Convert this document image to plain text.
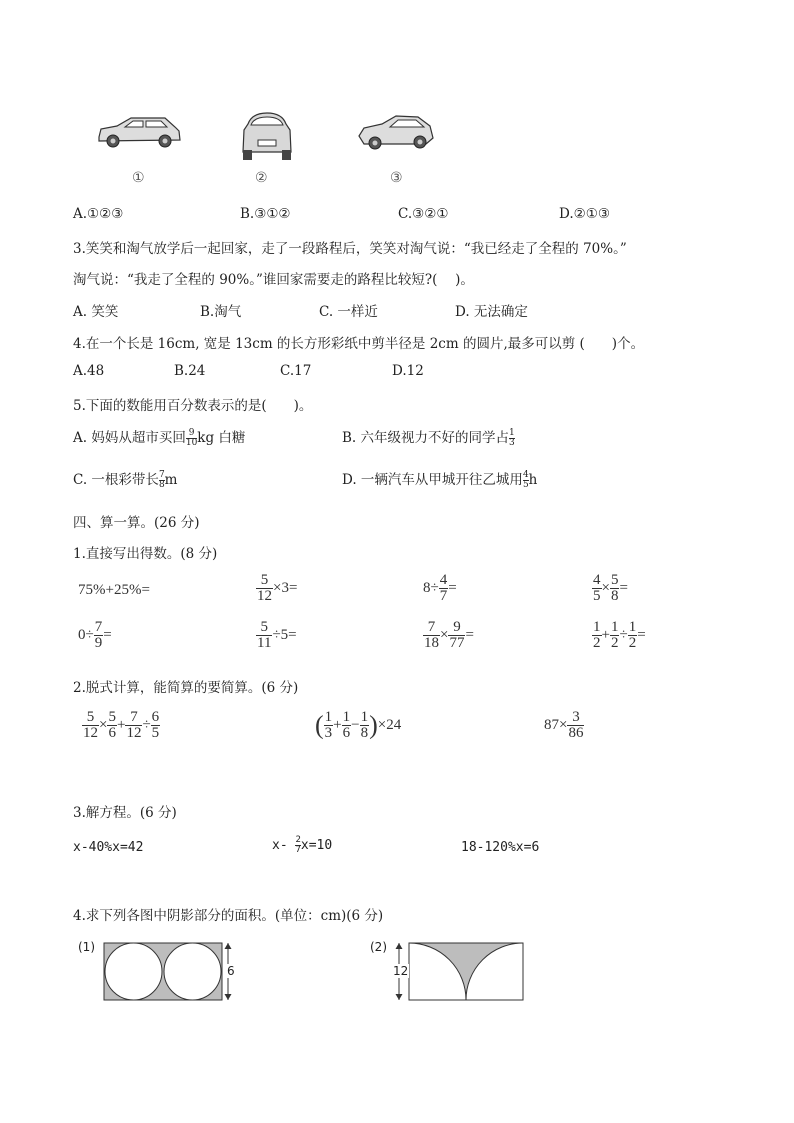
①	②	③
A.①②③	B.③①②	C.③②①	D.②①③
3.笑笑和淘气放学后一起回家，走了一段路程后，笑笑对淘气说：“我已经走了全程的 70%。”
淘气说：“我走了全程的 90%。”谁回家需要走的路程比较短?(　 )。
A. 笑笑	B.淘气	C. 一样近	D. 无法确定
4.在一个长是 16cm, 宽是 13cm 的长方形彩纸中剪半径是 2cm 的圆片,最多可以剪 (　　)个。
A.48	B.24	C.17	D.12
5.下面的数能用百分数表示的是(　　)。
A. 妈妈从超市买回 $\frac{9}{10}$ kg 白糖	B. 六年级视力不好的同学占 $\frac{1}{3}$
C. 一根彩带长 $\frac{7}{8}$ m	D. 一辆汽车从甲城开往乙城用 $\frac{4}{5}$ h
四、算一算。(26 分)
1.直接写出得数。(8 分)
75%+25%=	$\frac{5}{12} \times 3=$	$8\div \frac{4}{7}$ =	$\frac{4}{5} \times \frac{5}{8}$ =
$0\div \frac{7}{9}$ =	$\frac{5}{11} \div 5=$	$\frac{7}{18} \times \frac{9}{77}$ =	$\frac{1}{2} + \frac{1}{2} \div \frac{1}{2}$ =
2.脱式计算，能简算的要简算。(6 分)
$\frac{5}{12} \times \frac{5}{6} + \frac{7}{12} \div \frac{6}{5}$	( $\frac{1}{3} + \frac{1}{6} - \frac{1}{8} )\times 24$	$87\times \frac{3}{86}$
3.解方程。(6 分)
x-40%x=42	$x- \frac{2}{7} x=10$	18-120%x=6
4.求下列各图中阴影部分的面积。(单位：cm)(6 分)
(1)
6
(2)
12
